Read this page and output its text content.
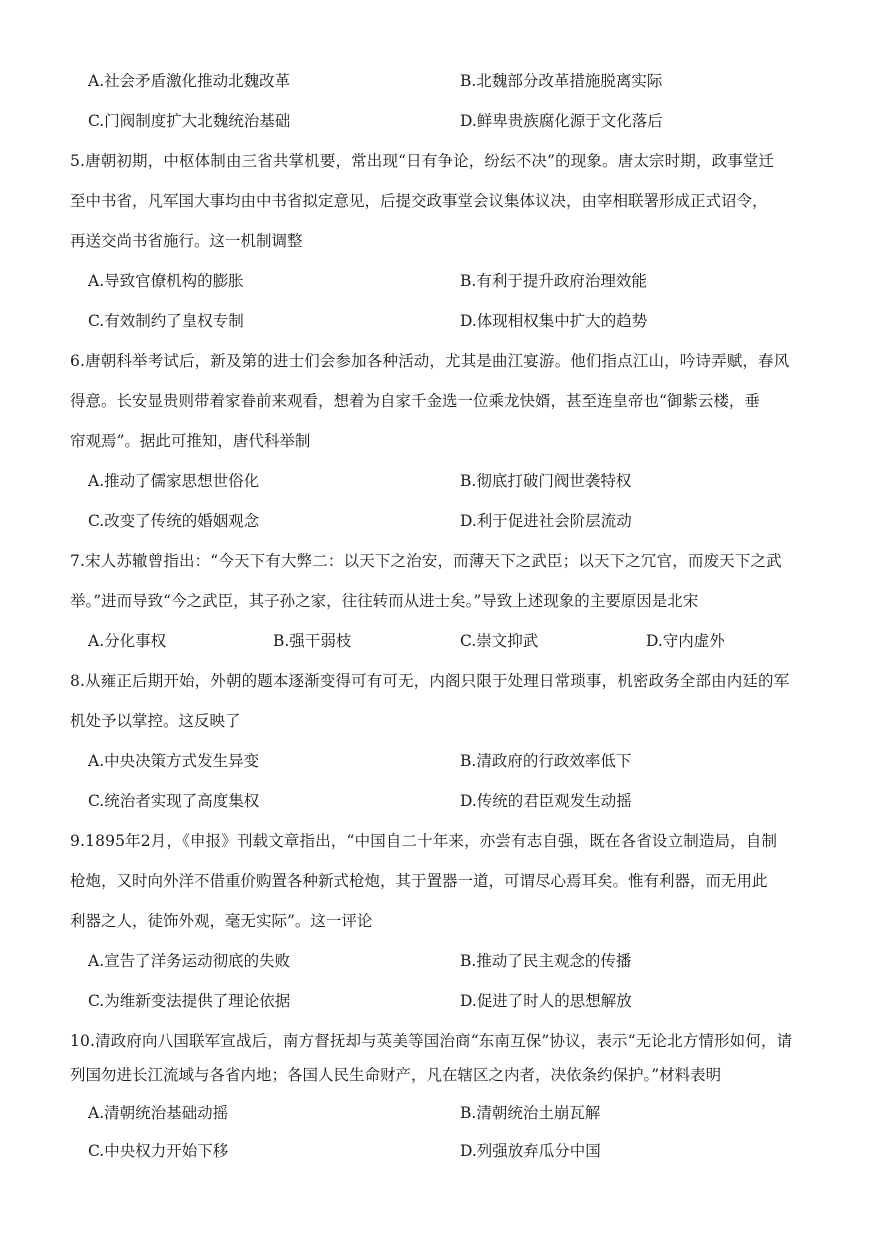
A.社会矛盾激化推动北魏改革	B.北魏部分改革措施脱离实际
C.门阀制度扩大北魏统治基础	D.鲜卑贵族腐化源于文化落后
5.唐朝初期，中枢体制由三省共掌机要，常出现“日有争论，纷纭不决”的现象。唐太宗时期，政事堂迁
至中书省，凡军国大事均由中书省拟定意见，后提交政事堂会议集体议决，由宰相联署形成正式诏令，
再送交尚书省施行。这一机制调整
A.导致官僚机构的膨胀	B.有利于提升政府治理效能
C.有效制约了皇权专制	D.体现相权集中扩大的趋势
6.唐朝科举考试后，新及第的进士们会参加各种活动，尤其是曲江宴游。他们指点江山，吟诗弄赋，春风
得意。长安显贵则带着家眷前来观看，想着为自家千金选一位乘龙快婿，甚至连皇帝也“御紫云楼，垂
帘观焉”。据此可推知，唐代科举制
A.推动了儒家思想世俗化	B.彻底打破门阀世袭特权
C.改变了传统的婚姻观念	D.利于促进社会阶层流动
7.宋人苏辙曾指出：“今天下有大弊二：以天下之治安，而薄天下之武臣；以天下之冗官，而废天下之武
举。”进而导致“今之武臣，其子孙之家，往往转而从进士矣。”导致上述现象的主要原因是北宋
A.分化事权	B.强干弱枝	C.崇文抑武	D.守内虚外
8.从雍正后期开始，外朝的题本逐渐变得可有可无，内阁只限于处理日常琐事，机密政务全部由内廷的军
机处予以掌控。这反映了
A.中央决策方式发生异变	B.清政府的行政效率低下
C.统治者实现了高度集权	D.传统的君臣观发生动摇
9.1895年2月，《申报》刊载文章指出，“中国自二十年来，亦尝有志自强，既在各省设立制造局，自制
枪炮，又时向外洋不借重价购置各种新式枪炮，其于置器一道，可谓尽心焉耳矣。惟有利器，而无用此
利器之人，徒饰外观，毫无实际”。这一评论
A.宣告了洋务运动彻底的失败	B.推动了民主观念的传播
C.为维新变法提供了理论依据	D.促进了时人的思想解放
10.清政府向八国联军宣战后，南方督抚却与英美等国治商“东南互保”协议，表示“无论北方情形如何，请
列国勿进长江流域与各省内地；各国人民生命财产，凡在辖区之内者，决依条约保护。”材料表明
A.清朝统治基础动摇	B.清朝统治土崩瓦解
C.中央权力开始下移	D.列强放弃瓜分中国
